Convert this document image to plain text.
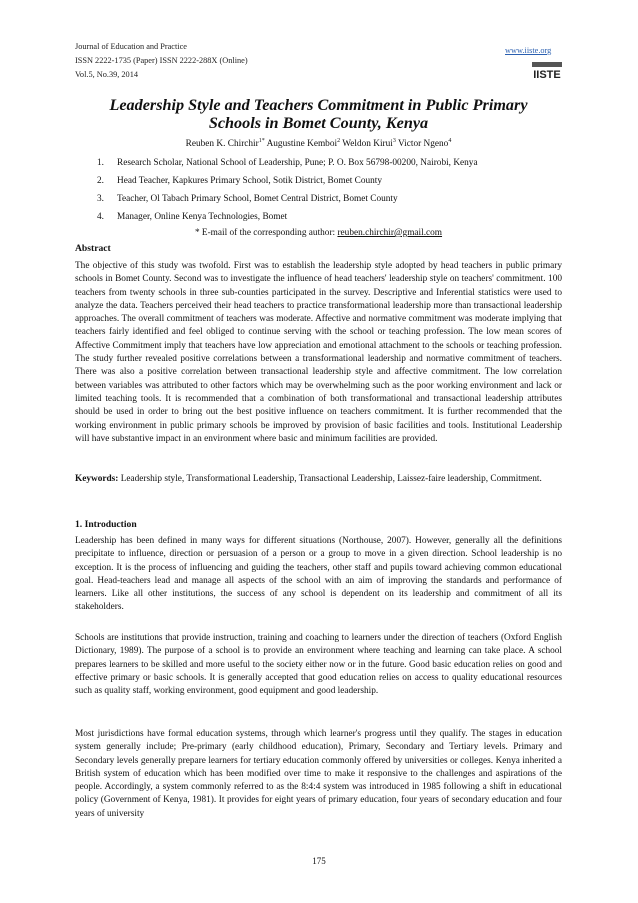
Journal of Education and Practice
ISSN 2222-1735 (Paper) ISSN 2222-288X (Online)
Vol.5, No.39, 2014
www.iiste.org
IISTE
Leadership Style and Teachers Commitment in Public Primary
Schools in Bomet County, Kenya
Reuben K. Chirchir$^{1*}$ Augustine Kemboi$^2$ Weldon Kirui$^3$ Victor Ngeno$^4$
1. Research Scholar, National School of Leadership, Pune; P. O. Box 56798-00200, Nairobi, Kenya
2. Head Teacher, Kapkures Primary School, Sotik District, Bomet County
3. Teacher, Ol Tabach Primary School, Bomet Central District, Bomet County
4. Manager, Online Kenya Technologies, Bomet
* E-mail of the corresponding author: reuben.chirchir@gmail.com
Abstract

The objective of this study was twofold. First was to establish the leadership style adopted by head teachers in public primary schools in Bomet County. Second was to investigate the influence of head teachers' leadership style on teachers' commitment. 100 teachers from twenty schools in three sub-counties participated in the survey. Descriptive and Inferential statistics were used to analyze the data. Teachers perceived their head teachers to practice transformational leadership more than transactional leadership approaches. The overall commitment of teachers was moderate. Affective and normative commitment was moderate implying that teachers fairly identified and feel obliged to continue serving with the school or teaching profession. The low mean scores of Affective Commitment imply that teachers have low appreciation and emotional attachment to the schools or teaching profession. The study further revealed positive correlations between a transformational leadership and normative commitment of teachers. There was also a positive correlation between transactional leadership style and affective commitment. The low correlation between variables was attributed to other factors which may be overwhelming such as the poor working environment and lack or limited teaching tools. It is recommended that a combination of both transformational and transactional leadership attributes should be used in order to bring out the best positive influence on teachers commitment. It is further recommended that the working environment in public primary schools be improved by provision of basic facilities and tools. Institutional Leadership will have substantive impact in an environment where basic and minimum facilities are provided.

Keywords: Leadership style, Transformational Leadership, Transactional Leadership, Laissez-faire leadership, Commitment.
1. Introduction

Leadership has been defined in many ways for different situations (Northouse, 2007). However, generally all the definitions precipitate to influence, direction or persuasion of a person or a group to move in a given direction. School leadership is no exception. It is the process of influencing and guiding the teachers, other staff and pupils toward achieving common educational goal. Head-teachers lead and manage all aspects of the school with an aim of improving the standards and performance of learners. Like all other institutions, the success of any school is dependent on its leadership and commitment of all its stakeholders.

Schools are institutions that provide instruction, training and coaching to learners under the direction of teachers (Oxford English Dictionary, 1989). The purpose of a school is to provide an environment where teaching and learning can take place. A school prepares learners to be skilled and more useful to the society either now or in the future. Good basic education relies on good and effective primary or basic schools. It is generally accepted that good education relies on access to quality educational resources such as quality staff, working environment, good equipment and good leadership.

Most jurisdictions have formal education systems, through which learner's progress until they qualify. The stages in education system generally include; Pre-primary (early childhood education), Primary, Secondary and Tertiary levels. Primary and Secondary levels generally prepare learners for tertiary education commonly offered by universities or colleges. Kenya inherited a British system of education which has been modified over time to make it responsive to the challenges and aspirations of the people. Accordingly, a system commonly referred to as the 8:4:4 system was introduced in 1985 following a shift in educational policy (Government of Kenya, 1981). It provides for eight years of primary education, four years of secondary education and four years of university

175
